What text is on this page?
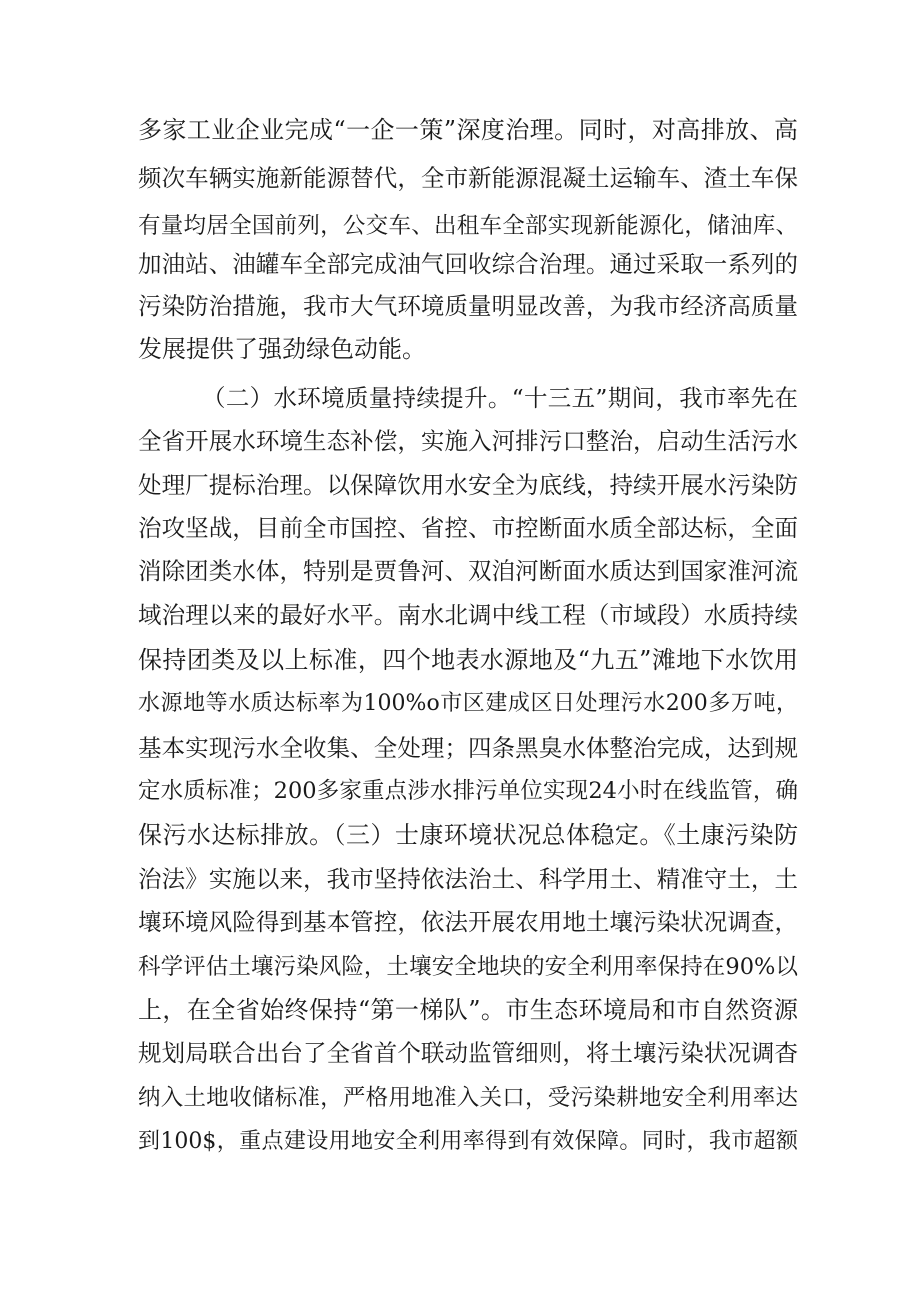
多家工业企业完成“一企一策”深度治理。同时，对高排放、高
频次车辆实施新能源替代，全市新能源混凝土运输车、渣土车保
有量均居全国前列，公交车、出租车全部实现新能源化，储油库、
加油站、油罐车全部完成油气回收综合治理。通过采取一系列的
污染防治措施，我市大气环境质量明显改善，为我市经济高质量
发展提供了强劲绿色动能。
（二）水环境质量持续提升。“十三五”期间，我市率先在
全省开展水环境生态补偿，实施入河排污口整治，启动生活污水
处理厂提标治理。以保障饮用水安全为底线，持续开展水污染防
治攻坚战，目前全市国控、省控、市控断面水质全部达标，全面
消除团类水体，特别是贾鲁河、双洎河断面水质达到国家淮河流
域治理以来的最好水平。南水北调中线工程（市域段）水质持续
保持团类及以上标准，四个地表水源地及“九五”滩地下水饮用
水源地等水质达标率为100%o市区建成区日处理污水200多万吨，
基本实现污水全收集、全处理；四条黑臭水体整治完成，达到规
定水质标准；200多家重点涉水排污单位实现24小时在线监管，确
保污水达标排放。（三）士康环境状况总体稳定。《土康污染防
治法》实施以来，我市坚持依法治土、科学用土、精准守土，土
壤环境风险得到基本管控，依法开展农用地土壤污染状况调查，
科学评估土壤污染风险，土壤安全地块的安全利用率保持在90%以
上，在全省始终保持“第一梯队”。市生态环境局和市自然资源
规划局联合出台了全省首个联动监管细则，将土壤污染状况调杳
纳入土地收储标准，严格用地准入关口，受污染耕地安全利用率达
到100$，重点建设用地安全利用率得到有效保障。同时，我市超额
